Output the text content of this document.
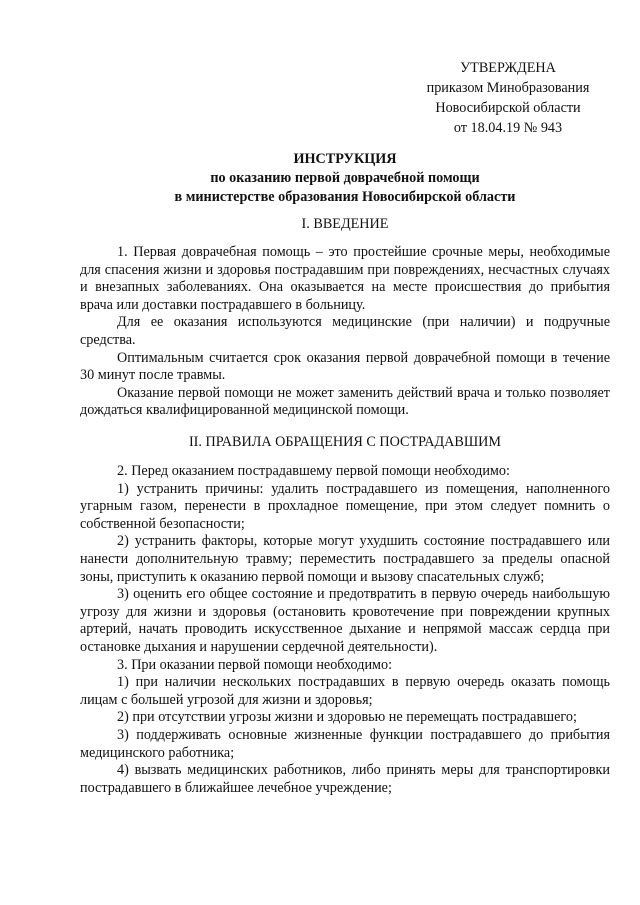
УТВЕРЖДЕНА
приказом Минобразования
Новосибирской области
от 18.04.19 № 943
ИНСТРУКЦИЯ
по оказанию первой доврачебной помощи
в министерстве образования Новосибирской области
I. ВВЕДЕНИЕ

1. Первая доврачебная помощь – это простейшие срочные меры, необходимые для спасения жизни и здоровья пострадавшим при повреждениях, несчастных случаях и внезапных заболеваниях. Она оказывается на месте происшествия до прибытия врача или доставки пострадавшего в больницу.

Для ее оказания используются медицинские (при наличии) и подручные средства.

Оптимальным считается срок оказания первой доврачебной помощи в течение 30 минут после травмы.

Оказание первой помощи не может заменить действий врача и только позволяет дождаться квалифицированной медицинской помощи.

II. ПРАВИЛА ОБРАЩЕНИЯ С ПОСТРАДАВШИМ

2. Перед оказанием пострадавшему первой помощи необходимо:

1) устранить причины: удалить пострадавшего из помещения, наполненного угарным газом, перенести в прохладное помещение, при этом следует помнить о собственной безопасности;

2) устранить факторы, которые могут ухудшить состояние пострадавшего или нанести дополнительную травму; переместить пострадавшего за пределы опасной зоны, приступить к оказанию первой помощи и вызову спасательных служб;

3) оценить его общее состояние и предотвратить в первую очередь наибольшую угрозу для жизни и здоровья (остановить кровотечение при повреждении крупных артерий, начать проводить искусственное дыхание и непрямой массаж сердца при остановке дыхания и нарушении сердечной деятельности).

3. При оказании первой помощи необходимо:

1) при наличии нескольких пострадавших в первую очередь оказать помощь лицам с большей угрозой для жизни и здоровья;

2) при отсутствии угрозы жизни и здоровью не перемещать пострадавшего;

3) поддерживать основные жизненные функции пострадавшего до прибытия медицинского работника;

4) вызвать медицинских работников, либо принять меры для транспортировки пострадавшего в ближайшее лечебное учреждение;
